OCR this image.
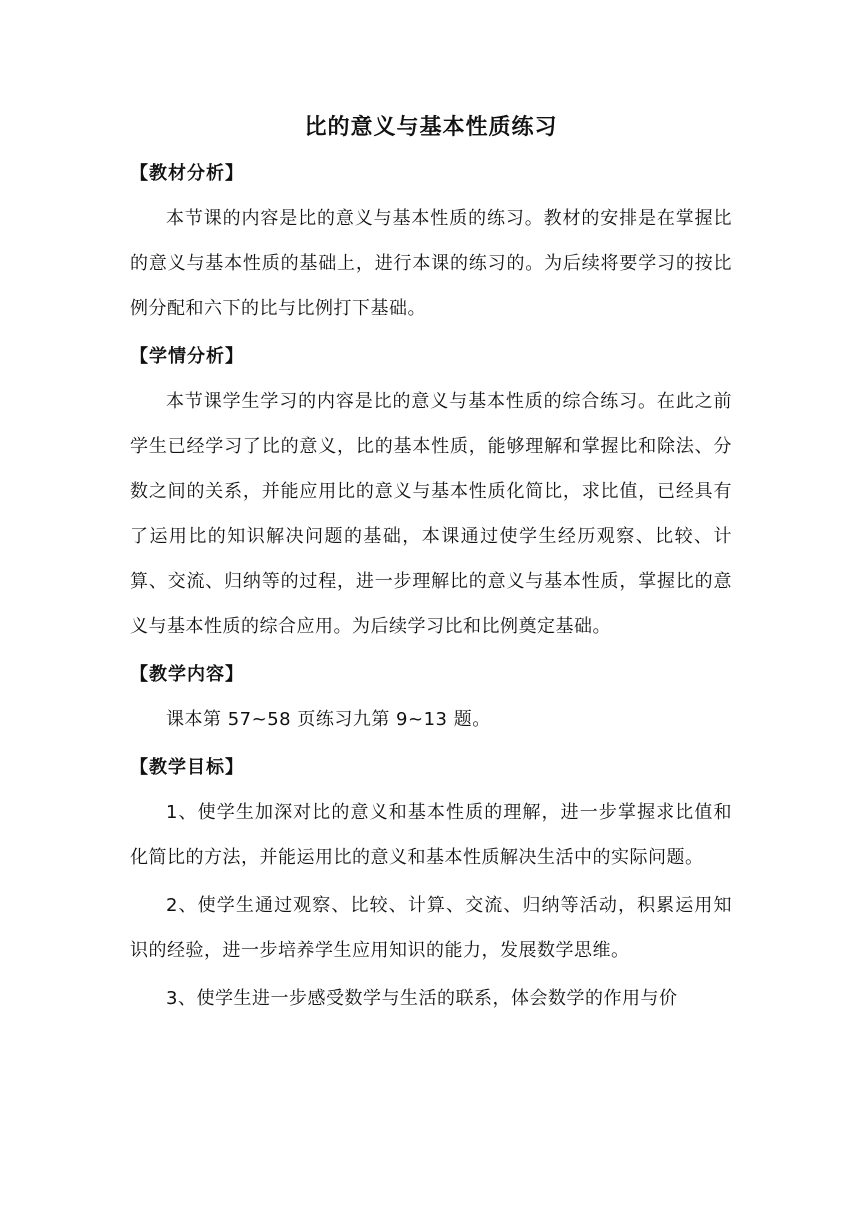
比的意义与基本性质练习
【教材分析】

本节课的内容是比的意义与基本性质的练习。教材的安排是在掌握比的意义与基本性质的基础上，进行本课的练习的。为后续将要学习的按比例分配和六下的比与比例打下基础。

【学情分析】

本节课学生学习的内容是比的意义与基本性质的综合练习。在此之前学生已经学习了比的意义，比的基本性质，能够理解和掌握比和除法、分数之间的关系，并能应用比的意义与基本性质化简比，求比值，已经具有了运用比的知识解决问题的基础，本课通过使学生经历观察、比较、计算、交流、归纳等的过程，进一步理解比的意义与基本性质，掌握比的意义与基本性质的综合应用。为后续学习比和比例奠定基础。

【教学内容】

课本第 57~58 页练习九第 9~13 题。

【教学目标】

1、使学生加深对比的意义和基本性质的理解，进一步掌握求比值和化简比的方法，并能运用比的意义和基本性质解决生活中的实际问题。

2、使学生通过观察、比较、计算、交流、归纳等活动，积累运用知识的经验，进一步培养学生应用知识的能力，发展数学思维。

3、使学生进一步感受数学与生活的联系，体会数学的作用与价
